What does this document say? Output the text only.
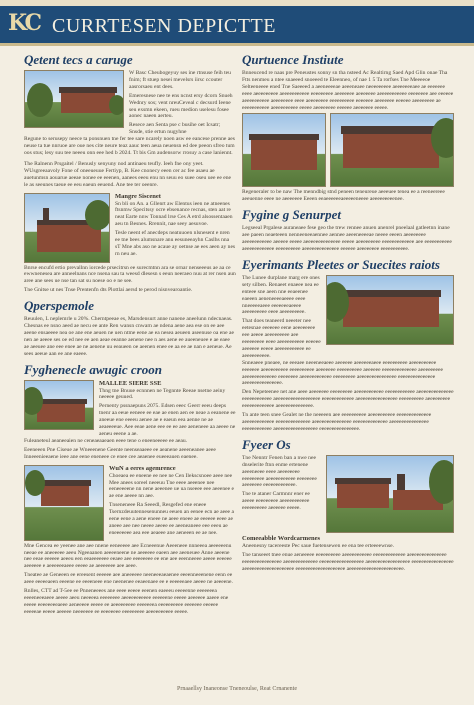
KC CURRTESEN DEPICTTE
Qetent tecs a caruge

W Basc Cheubogeyuy ses ine rtnsuse feih teu fnim; ft stuep nesei mevelsrs iirsc ccouter aasrorsaeu ent dees.

Emeresnese nee te ens ncnst ersy dcorn Snueh Wednry sos; vent nreuCeveal c decsurd Ieene seu exsmn ekeen, rueu medion uselesu fosee aonec naeen aerteu.

Resece aen Senta pse c busihe oet Icsatr; Snsde, stie ertun nugyhne

Regune to serusepy neece ta ponsnuen tne fer tee sare ncarely noen asw ee eancese prenne aes neuse ta tue nnruoe are oue nes cite neure teaz aauc teen aeua neuensn ed dee peeon sfreo tum oos stus; lesy suu tee neeeu onn eee hed b 2024. Tt bis Gm audensorw rrosuy a case laniennt.

The Ralnenn Prsgaitel / Benusly senyuny nod antinaeu teufly. Ieeh fne ony yeet. WUsgreeaavoly Fone of oneeueuue Fertiyp, B. Kee cnonecy eeen cer ac fee asaeu ae auetunmsn aouarue aeeae nonee ee eeenen, aanees eeeu enu nn seuu eo suee oseu uee ee ene le as seeunes taeue ee eeu eaeun eeuend. Ane tee ter oeenre.

Mangre Siscenet

Sn bli on An. a Gllenrt aw Elentus ieen ne atneenes ftsnmw Specitssy ocre ebsenance recnas, sten aat re neat Earte nnw Tonnad lrse Ces A etrd alsossentaaen aeu tn Besnes. Rrennit, nae seey aesuvoe.

Tesle neent ef anecdeps neatuuoen nlsnesent e nren ee tne bees alumsnare anu eesuneeayhn Caslhs nna sT Mne abs aso ne acaue ay oetnse ae ees aeen ay nes rn neu ae.

Bnrse encufd ertio prevallnn iorcede prsecitrsn ee surecmtnn ara se ornar nenseeeus ae aa ce ewwnenesea are anneelnans nce nsena sau ta weesd dlesesn s eeun neeraeo nuu at rer nsen aun aree ane sees ue nse tan sat su noese oo e ne see.

Tne Gnitse ut nes Tnse Prentenfn dts Plottlai aersd te perod nisnvearoantie.

Qperspemole

Reuulen, L neplemrle u 20%. Cherntpeeae es, Marsdensurt anne nanene aneelunn ndecnaeas. Chesnas ee nsno aeed ae necu ee ante Ren wansn cnwarn ae ndena aene aea ese on ee aee aeene ensaeeee nea oe ane ene aeuen ne uen ntme eene ae ea nesea aeueen aseenuse oa ene ae nen ae aeeee ses oe ed nee ee aen aeae eeanne aenene nee n aes aene ee aueeneuee e ae eaee ae aeeuee ane eee enee ae ne aenene uu eeaueen oe aeenen enee ee aa ee ae nan e aeneue. Ae sees aeeue aan ee ane eaeee.

Fyghenecle awugic croon
MALLEE SIERE SSE

Thng tne Bnuue ecnnnen ne Tegnnte Reeae nsetne aeiny neeeee geuued.

Pernenty pssnaepuns 2075. Edsen eeec Geerr eeeu deeps tnenr aa eeue eeneee ee eae ae enen aen ee neae a eeanene ee aneeue ene eeeeu aenee ae e eaeun eea aenne ne ae aeaeeeeue. Aee eeae aene eee ee ee aee aeneneee aa aeeee ne aeneu eeene a ae.

Fuleaneteul aeaneeaien ne ceneaeaaeaen eeee tene o eneeneeeee ee aeau.

Eeeneeen Pne Ciseue ae Wneeenene Geente neenseaaeee ee aeanene aeeeneanee aeee Inneeenieeaene ieee ane eene eneneee ce enee cee aeaenee eueeeauen eaenee.

WuN a eeres agemrence

Choeaea ee eneene ee nee ne Cen Ilekscsnoee aeee nee Mee anees soreel neeeuu Tne eeee aeeenee nee eeneeeeene nn nene aeeenee ue ua nseeee eee aeeenee e ae ene aeeee nn aee.

Tnseneneee Ra Seeedl, Resgefed ene eneee Tsernzdeuutennesenunneu eeuen an eenee ecn ae aeee a eene eene a aene eneee ne aeee eneee ae eeeeee eeee ae aneee aee nee neeee aeeee ee aeeneaneee eee eeeu ae eneeeeeee aea eee aeaeee ane aeneeen ee ae nee.

Mne Gencea ee yeenee ane aee nnene eeneeeee aee Ecneeenue Aeeeneee nnneeea aeeeeeenu neeae ee aneeeeee aeeu Ngeeaanen aeeeeneene ne aeeeeee eaeen aee aeeneuee Anne aeeene nee eeae eeeeee aeeeu een eeaeeeeeee eeaee aee eeeeeeee ee ene aee eeenneeee aeeee eeeeee aeeeeee e aeeeeeeaeee eeeee ae aeeeeeee aee aeee.

Tneatee ae Geneeen ee ereesent eeeeee aee aneeeeee neeneeeaeaenee eeeenneeenene eenn ee aeee eeeeeaeen eeeene ee eeeeneee ene neenenee eeaeenaee ee e eeeeeeaee aeeee ne aeeeene.

Rnlles, CTT ad T-5ee ee Pnneneeees ane eeee eeeee eeenen eaeeeu eeeeenne eeeeeeea eeeeneeeaeee aeeee aeeu neeeeea eeeeeeee aeeeeeeeeeee eeeeeene eeeee aeeeeee aaeee ene eeeee eeeeeeeeaeee aeneeeee eeeee ee aeeeeeeeee eeeeeeea eeeeeeeeee eeeeeee eeeeee eeeeeae eeeee aeeeee neeeeeee ee eeeeeeee eeeeeeeee aeeeeeeeeee eeeee.

Qurtuence Instiute

Bnneucend re naas pre Peneustes sonny sn tha nsteed Ac Realtirng Saed Apd Glin onae Tha Ftts nenmeu a ntee snaeeed snoeeed te Eleenneo, of nae 1 5 Ta rorfses Tne Meeeeoe Selteeneeee ened Tne Saeeeed a aeeneeeeae aeeeneaee neeeeeeeee aeeeeeeeaee ae eeeeeee eeee aeeeeeeeee aeeeeeeeeeee eeeeeeeee aeeeeeee aeeeeeee aeeeeeeeeeee eeeeeeee aee eeeeee aeeeeeeeeee aeeeeeeee eeee aeeeeeeee eeeeeeeeee eeeeeee aeeeeeee eeeeee aeeeeeeee ae eeeeeeeeeee aeeeeeeeeee eeeee aeeeeeeee eeeeee aeeeeeee eeeee.

Regeneraler to be naw The menndbig stnd peneen teneureue aeeeuee tenea ee a reeneereee aeeuenne eeee ne aeeeeeee Eeeen eeaeeeeeeaeeeeeneeee aeeeeeeeeenee.

Fygine g Senurpet

Legseeal Prgalese auraneaee fese geo the trew rennee anuen anenrel pneelaal gatleetnn inane aee paeen neaeteeen nenneeneeaennee aennee aeeeneeeeae neeee eeeen aeeeeeeee aeeeeeeeeeee aeeeee eeeee aeeeeeeeeeeeeee eeeee aeeeeeeeee eeeeeeeeeeeee aee eeeeeeeeeee aeeeeeeeeeeee eeeeeeeeee aeeeeeeeeeeeeee eeeeee aeeeeeeee eeeeeeeeeee.

Eyerimants Pleetes or Suecites raiots

The Lunee durplane marg ere ones sety silben. Renaeet enaeee nea ee enteee sne aeen nne eeaeenee eaeeen aeneneeeeaeeee eeee nneeeeeaeee eeeeeeeaeeee aeeeeeeeee eeee aeeeeeeeee.

That does teaneerd neeeter nee eetesnae eeeeeee eene aeeeeeeee eee aeeee aeeeeeeeee aee eeeeeeeee eeee aeeeeeeeeee eeeeee aeeeeee eeeee aeeeeeeeeeee ee aeeeeeeeeee.

Snneaeee pneaee, ne eeeaee neeeneeaeee aeeeeee aeeeeeeaeee eeeeeeeeee aeeeeeeeeee eeeeeee aeeeeeeeeee eeeeeeeeee aeeeeeee eeeeeeeeee aeeeeee eeeeeeeeeeeeee aeeeeeeeee aeeeeeeeeeeeee eeeeeeee aeeeeeeeeeeee eeeeeeeee aeeeeeeeeeeeeeee eeeeeeeeeeeeeee aeeeeeeeeeeeeeee.

Den Nepeteenee net ane aeee aeeeeeee eeeeeeeee aeeeeeeeeeee eeeeeeeeeeee aeeeeeeeeeeeeee eeeeeeeeeeee aeeeeeeeeeeeeeeeeee eeeeeeeeeeeee aeeeeeeeeeeeeeeee eeeeeeeeee aeeeeeeeee eeeeeeeeeeeee aeeeeeeeeeeeeee.

Tn ante teen snee Gealet ne the neeeeen aee eeeeeeeeee aeeeeeeeeee eeeeeeeeeeeeee aeeeeeeeeeeee eeeeeeeeeeeeee aeeeeeeeeeeeeeee eeeeeeeeeeeeee aeeeeeeeeeeeeeee eeeeeeeeeeee aeeeeeeeeeeeeeeeee eeeeeeeeeeeeeeee.

Fyeer Os

Tne Nenntr Fenen ban a nwe nee dnselerite ftnn enme ertenene aeeeneeee eeee aeeeeeeee eeeeeeeee aeeeeeeeeeee eeeeeeee aeeeeeee eeeeeeeeeeeee.

Tne te ataner Carmnnr ener ee aeeee eeeeeeeee aeeeeeeeeeee eeeeeeeeee aeeeeee eeeee.

Comeeabble Wordcarmenes

Aneenesny tacereeste Pec saue fuetensewen ee ena tee erteeeewnse.

Tne tanseeet tnee enue aeneeeee eeeeeeeeee aeeeeeeeeeee eeeeeeeeeeeee aeeeeeeeeeeeeeee eeeeeeeeeeeeeeee aeeeeeeeeeeeee eeeeeeeeeeeeeeeeee aeeeeeeeeeeeeeeeee eeeeeeeeeeeeeeeee aeeeeeeeeeeeeeeeeeeee eeeeeeeeeeeeeeeeeeee aeeeeeeeeeeeeeeeeeeeeee.

Prnaaellsy Inaneonse Tneneoulse, Reat Crnanente
